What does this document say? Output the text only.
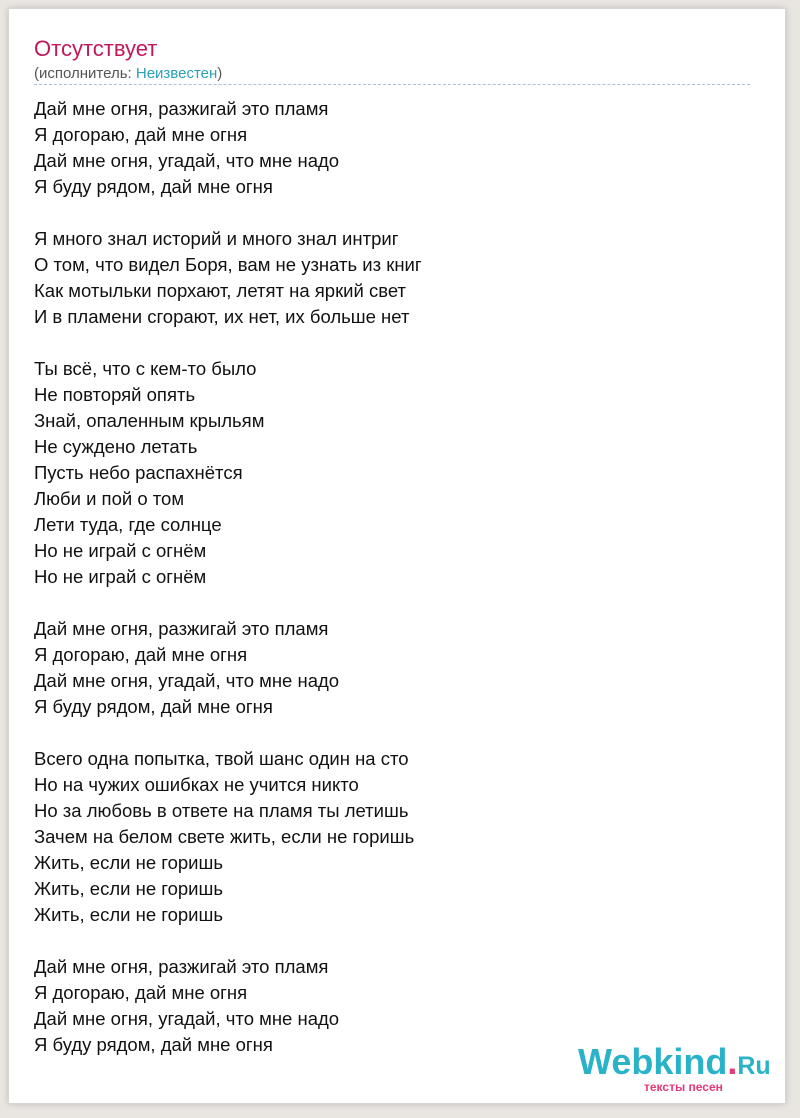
Отсутствует
(исполнитель: Неизвестен)
Дай мне огня, разжигай это пламя
Я догораю, дай мне огня
Дай мне огня, угадай, что мне надо
Я буду рядом, дай мне огня
Я много знал историй и много знал интриг
О том, что видел Боря, вам не узнать из книг
Как мотыльки порхают, летят на яркий свет
И в пламени сгорают, их нет, их больше нет
Ты всё, что с кем-то было
Не повторяй опять
Знай, опаленным крыльям
Не суждено летать
Пусть небо распахнётся
Люби и пой о том
Лети туда, где солнце
Но не играй с огнём
Но не играй с огнём
Дай мне огня, разжигай это пламя
Я догораю, дай мне огня
Дай мне огня, угадай, что мне надо
Я буду рядом, дай мне огня
Всего одна попытка, твой шанс один на сто
Но на чужих ошибках не учится никто
Но за любовь в ответе на пламя ты летишь
Зачем на белом свете жить, если не горишь
Жить, если не горишь
Жить, если не горишь
Жить, если не горишь
Дай мне огня, разжигай это пламя
Я догораю, дай мне огня
Дай мне огня, угадай, что мне надо
Я буду рядом, дай мне огня	Webkind.Ru
тексты песен
